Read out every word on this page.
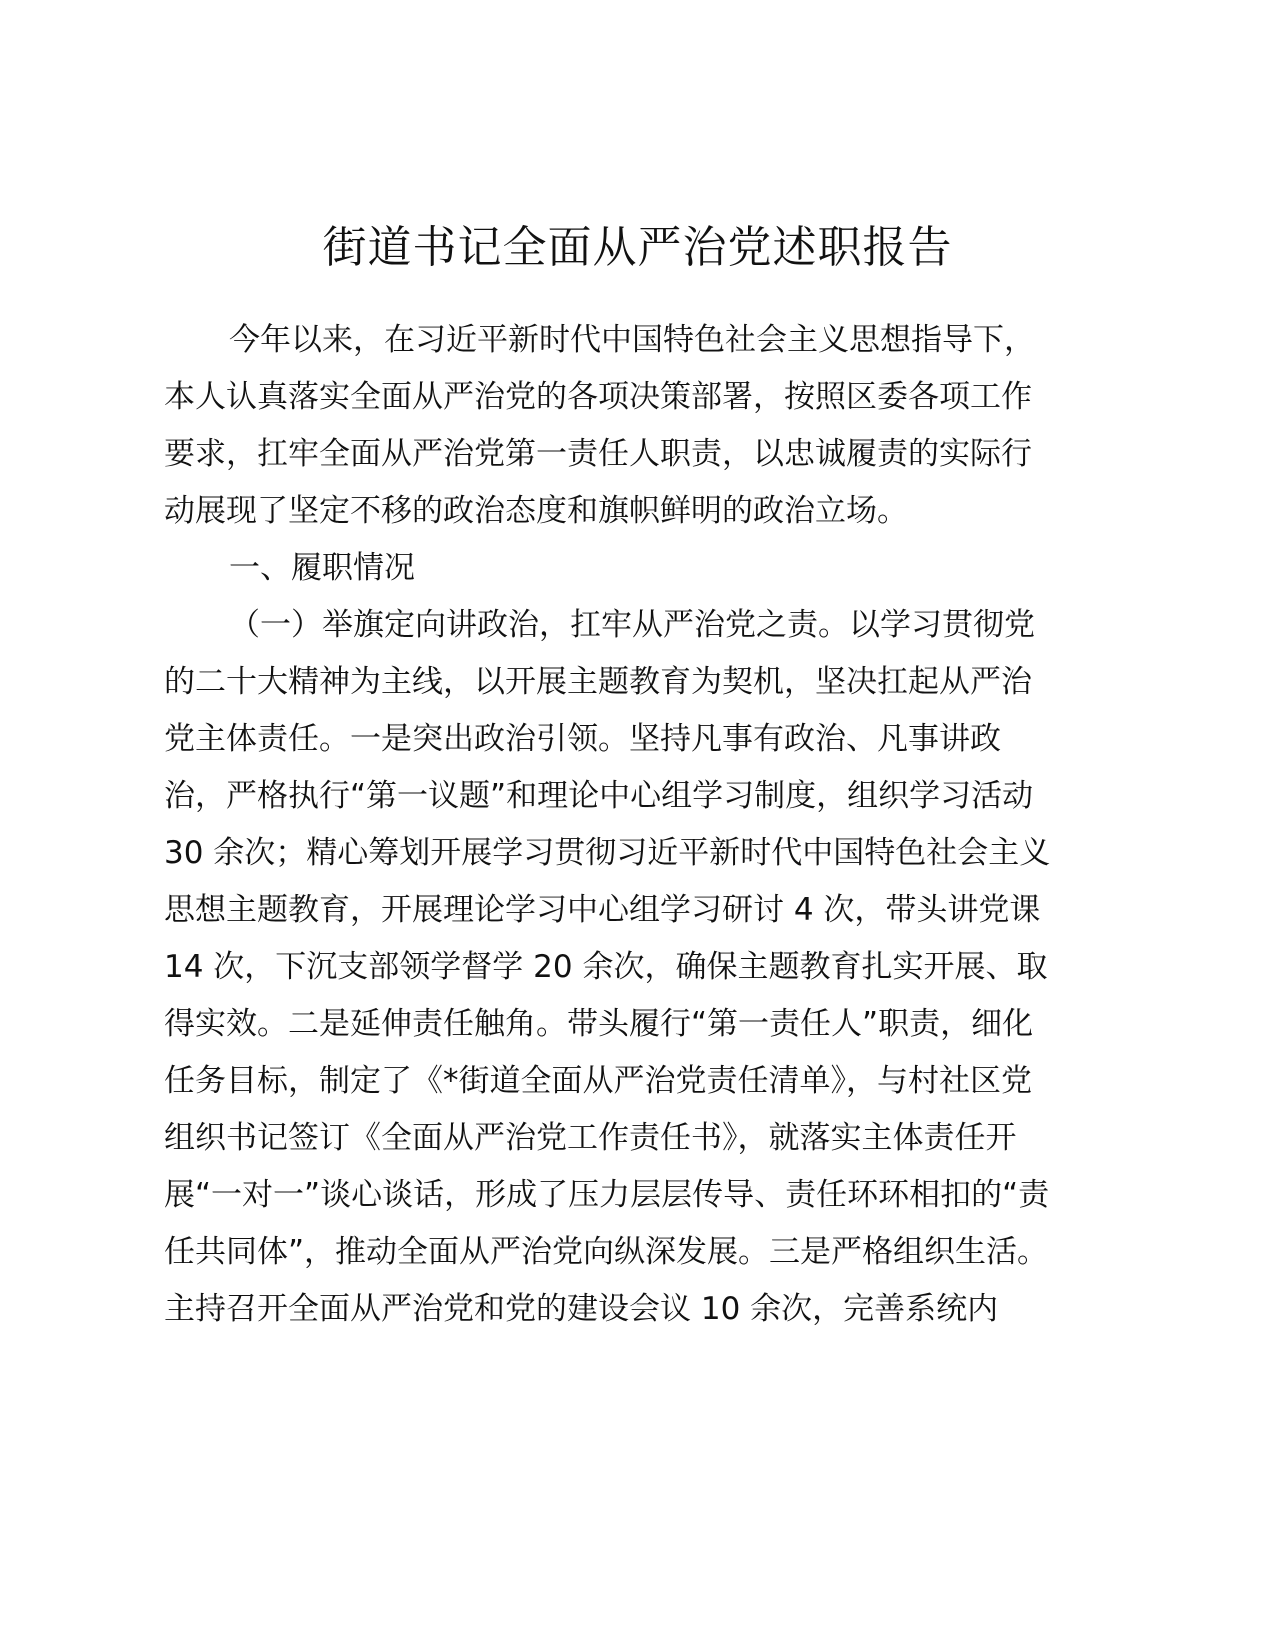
街道书记全面从严治党述职报告
今年以来，在习近平新时代中国特色社会主义思想指导下，
本人认真落实全面从严治党的各项决策部署，按照区委各项工作
要求，扛牢全面从严治党第一责任人职责，以忠诚履责的实际行
动展现了坚定不移的政治态度和旗帜鲜明的政治立场。
一、履职情况
（一）举旗定向讲政治，扛牢从严治党之责。以学习贯彻党
的二十大精神为主线，以开展主题教育为契机，坚决扛起从严治
党主体责任。一是突出政治引领。坚持凡事有政治、凡事讲政
治，严格执行“第一议题”和理论中心组学习制度，组织学习活动
30 余次；精心筹划开展学习贯彻习近平新时代中国特色社会主义
思想主题教育，开展理论学习中心组学习研讨 4 次，带头讲党课
14 次，下沉支部领学督学 20 余次，确保主题教育扎实开展、取
得实效。二是延伸责任触角。带头履行“第一责任人”职责，细化
任务目标，制定了《*街道全面从严治党责任清单》，与村社区党
组织书记签订《全面从严治党工作责任书》，就落实主体责任开
展“一对一”谈心谈话，形成了压力层层传导、责任环环相扣的“责
任共同体”，推动全面从严治党向纵深发展。三是严格组织生活。
主持召开全面从严治党和党的建设会议 10 余次，完善系统内
